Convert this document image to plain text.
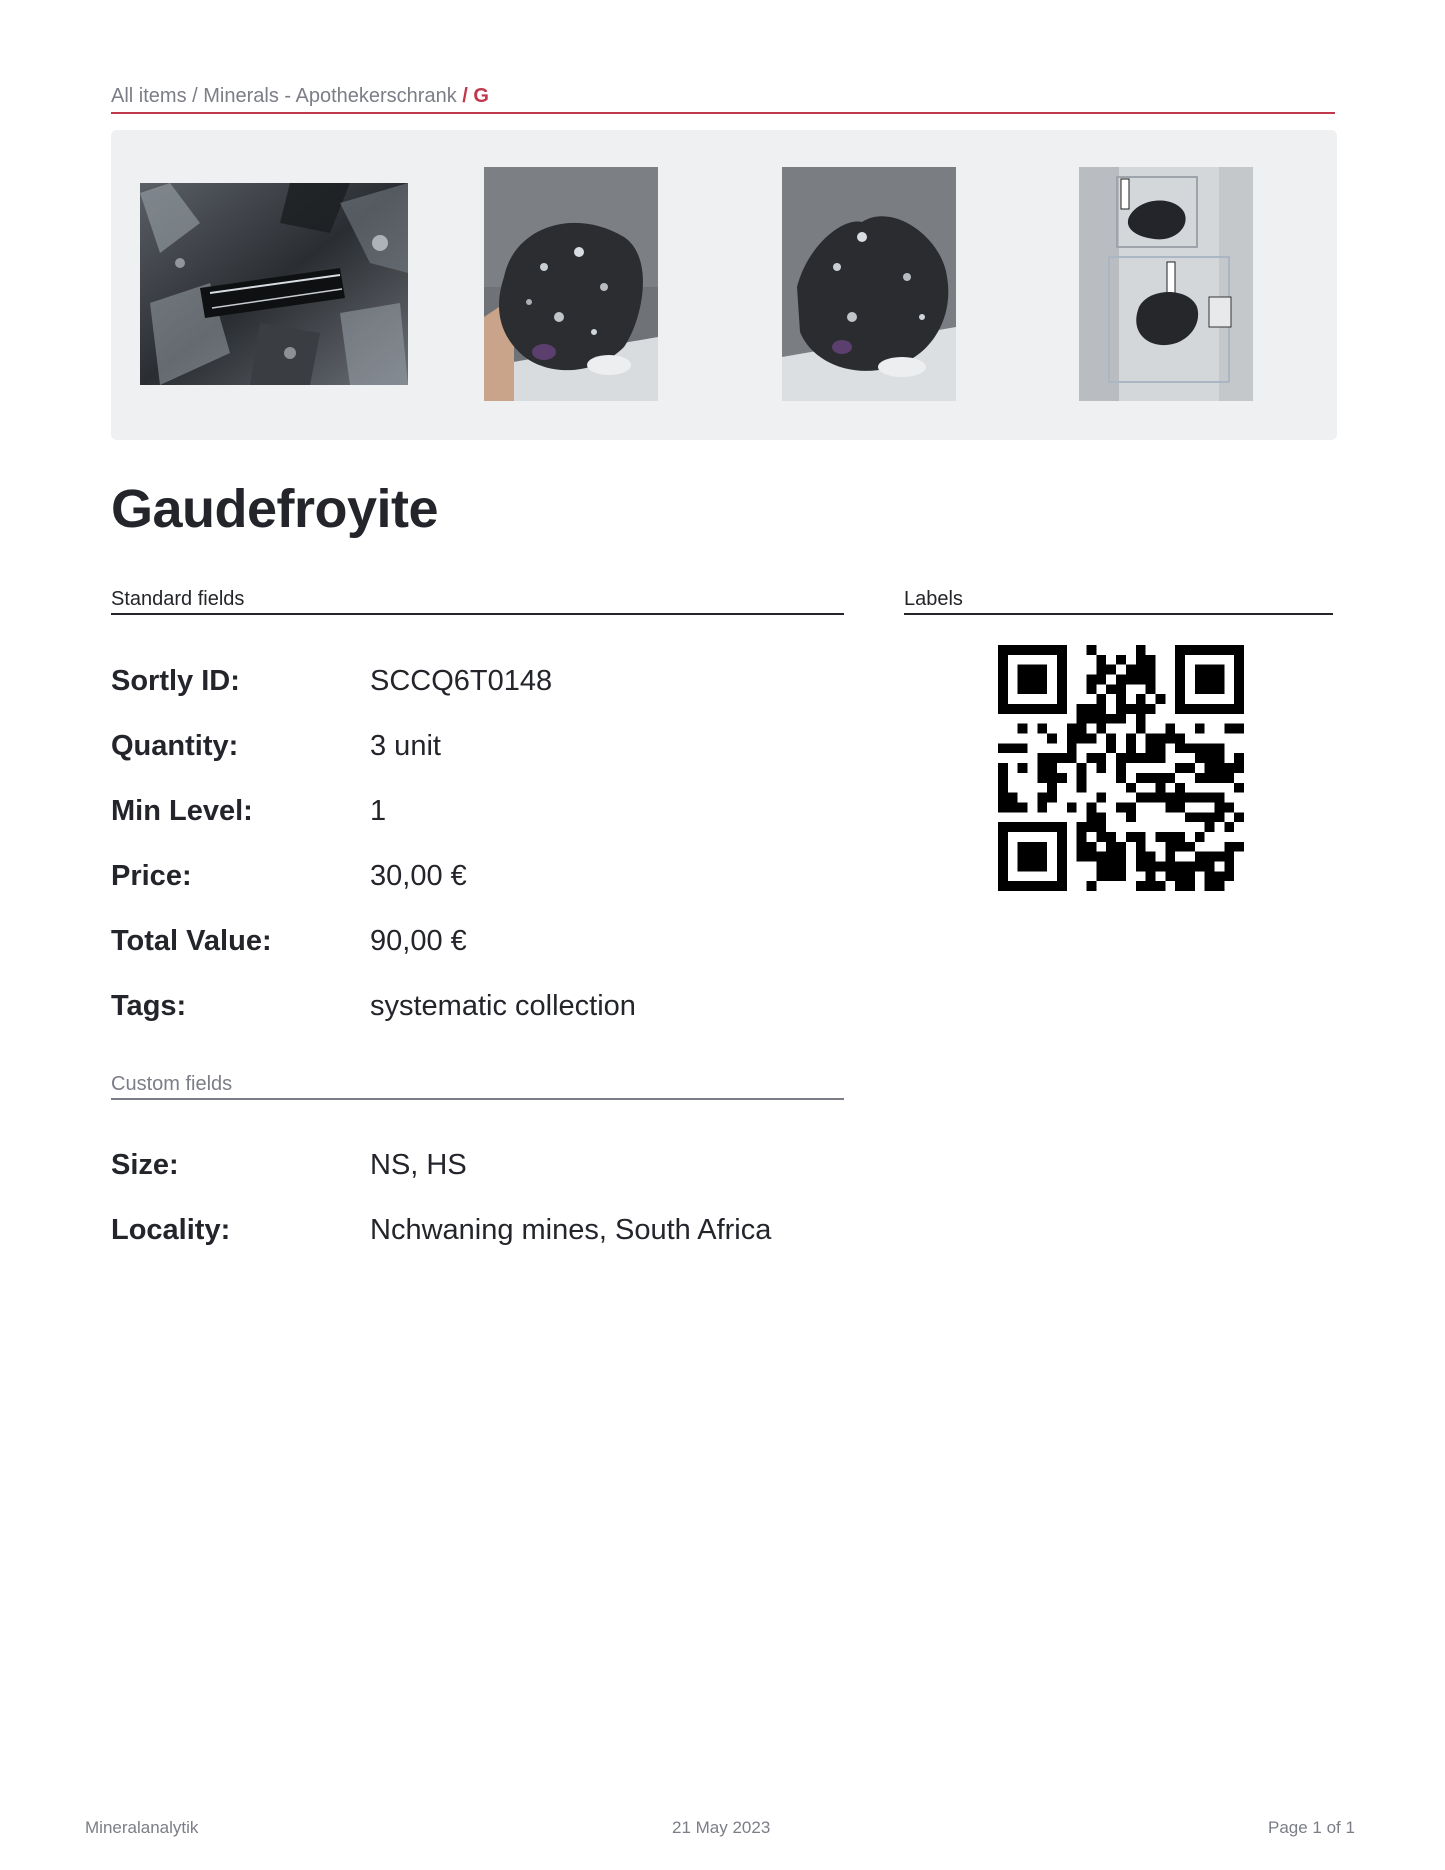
All items / Minerals - Apothekerschrank / G
Gaudefroyite
Standard fields
Sortly ID:	SCCQ6T0148
Quantity:	3 unit
Min Level:	1
Price:	30,00 €
Total Value:	90,00 €
Tags:	systematic collection
Custom fields
Size:	NS, HS
Locality:	Nchwaning mines, South Africa
Labels
Mineralanalytik	21 May 2023	Page 1 of 1
